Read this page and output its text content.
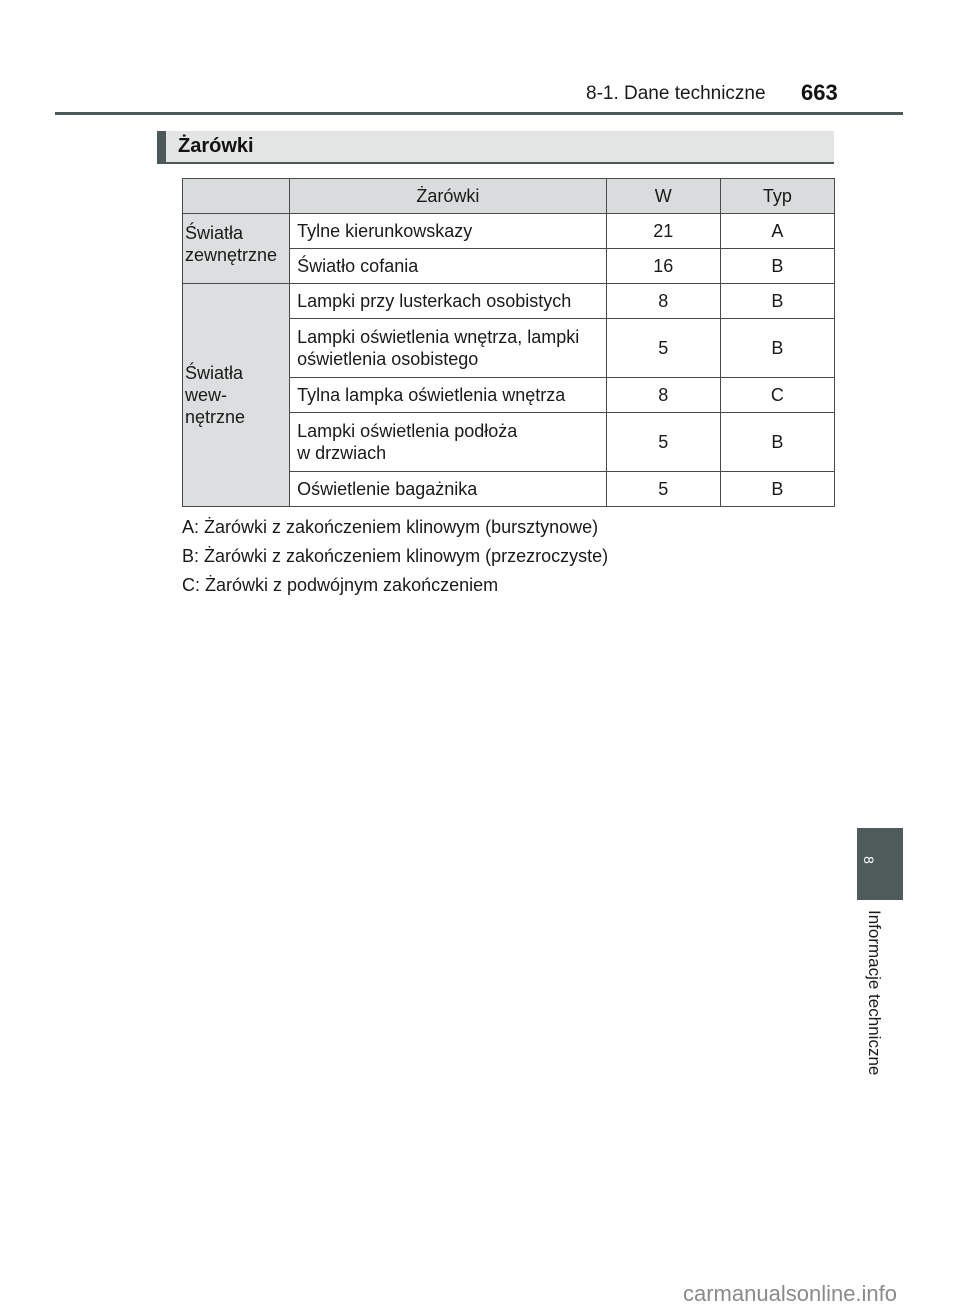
8-1. Dane techniczne 663
Żarówki
	Żarówki	W	Typ

Światła
zewnętrzne	Tylne kierunkowskazy	21	A
	Światło cofania	16	B

Światła
wew-
nętrzne	Lampki przy lusterkach osobistych	8	B

	Lampki oświetlenia wnętrza, lampki
oświetlenia osobistego	5	B
	Tylna lampka oświetlenia wnętrza	8	C

	Lampki oświetlenia podłoża
w drzwiach	5	B
	Oświetlenie bagażnika	5	B
A: Żarówki z zakończeniem klinowym (bursztynowe)
B: Żarówki z zakończeniem klinowym (przezroczyste)
C: Żarówki z podwójnym zakończeniem
8
Informacje techniczne
carmanualsonline.info
